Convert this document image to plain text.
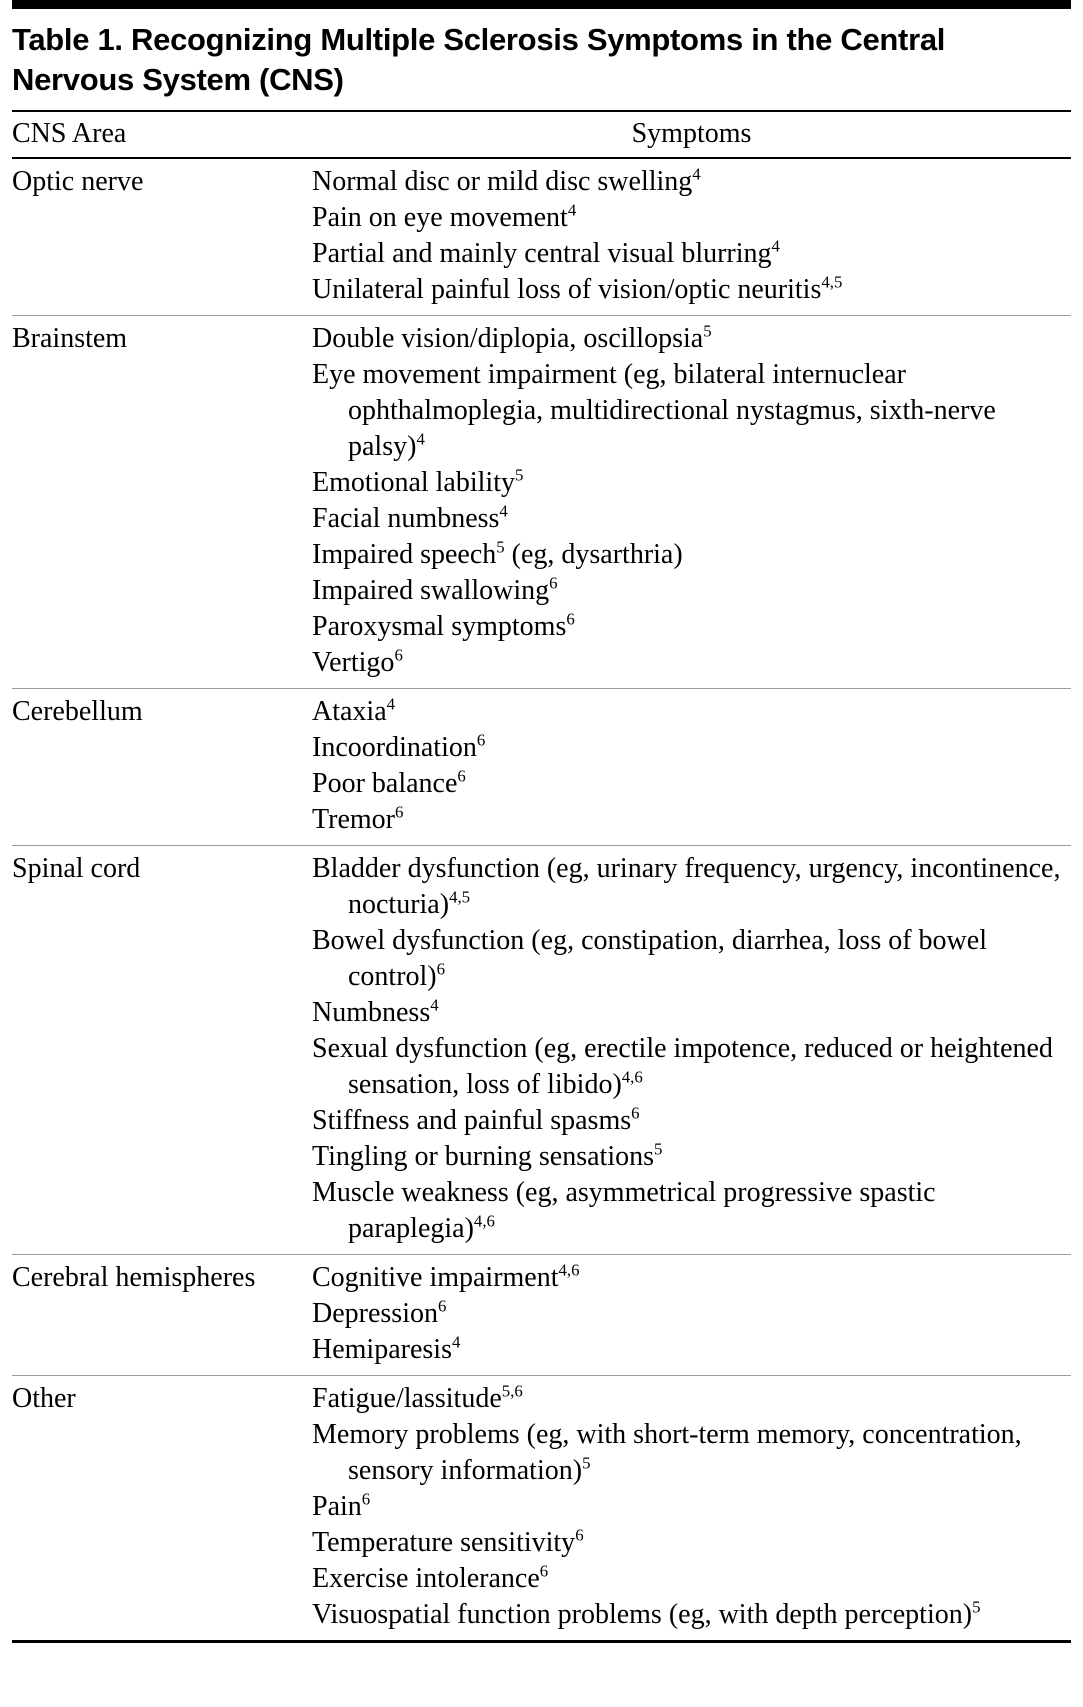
Table 1. Recognizing Multiple Sclerosis Symptoms in the Central Nervous System (CNS)
CNS Area	Symptoms
Optic nerve	Normal disc or mild disc swelling$^4$
Pain on eye movement$^4$
Partial and mainly central visual blurring$^4$
Unilateral painful loss of vision/optic neuritis$^{4,5}$
Brainstem	Double vision/diplopia, oscillopsia$^5$
Eye movement impairment (eg, bilateral internuclear ophthalmoplegia, multidirectional nystagmus, sixth-nerve palsy)$^4$
Emotional lability$^5$
Facial numbness$^4$
Impaired speech$^5$ (eg, dysarthria)
Impaired swallowing$^6$
Paroxysmal symptoms$^6$
Vertigo$^6$
Cerebellum	Ataxia$^4$
Incoordination$^6$
Poor balance$^6$
Tremor$^6$
Spinal cord	Bladder dysfunction (eg, urinary frequency, urgency, incontinence, nocturia)$^{4,5}$
Bowel dysfunction (eg, constipation, diarrhea, loss of bowel control)$^6$
Numbness$^4$
Sexual dysfunction (eg, erectile impotence, reduced or heightened sensation, loss of libido)$^{4,6}$
Stiffness and painful spasms$^6$
Tingling or burning sensations$^5$
Muscle weakness (eg, asymmetrical progressive spastic paraplegia)$^{4,6}$
Cerebral hemispheres	Cognitive impairment$^{4,6}$
Depression$^6$
Hemiparesis$^4$
Other	Fatigue/lassitude$^{5,6}$
Memory problems (eg, with short-term memory, concentration, sensory information)$^5$
Pain$^6$
Temperature sensitivity$^6$
Exercise intolerance$^6$
Visuospatial function problems (eg, with depth perception)$^5$
